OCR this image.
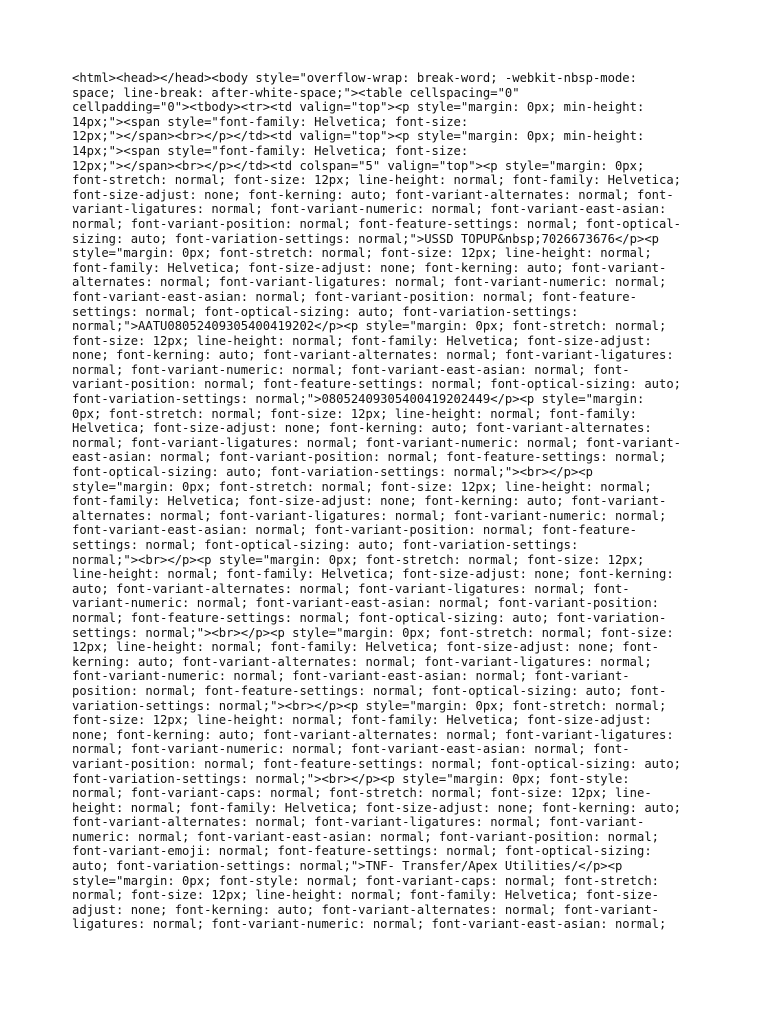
<html><head></head><body style="overflow-wrap: break-word; -webkit-nbsp-mode:
space; line-break: after-white-space;"><table cellspacing="0"
cellpadding="0"><tbody><tr><td valign="top"><p style="margin: 0px; min-height:
14px;"><span style="font-family: Helvetica; font-size:
12px;"></span><br></p></td><td valign="top"><p style="margin: 0px; min-height:
14px;"><span style="font-family: Helvetica; font-size:
12px;"></span><br></p></td><td colspan="5" valign="top"><p style="margin: 0px;
font-stretch: normal; font-size: 12px; line-height: normal; font-family: Helvetica;
font-size-adjust: none; font-kerning: auto; font-variant-alternates: normal; font-
variant-ligatures: normal; font-variant-numeric: normal; font-variant-east-asian:
normal; font-variant-position: normal; font-feature-settings: normal; font-optical-
sizing: auto; font-variation-settings: normal;">USSD TOPUP&nbsp;7026673676</p><p
style="margin: 0px; font-stretch: normal; font-size: 12px; line-height: normal;
font-family: Helvetica; font-size-adjust: none; font-kerning: auto; font-variant-
alternates: normal; font-variant-ligatures: normal; font-variant-numeric: normal;
font-variant-east-asian: normal; font-variant-position: normal; font-feature-
settings: normal; font-optical-sizing: auto; font-variation-settings:
normal;">AATU08052409305400419202</p><p style="margin: 0px; font-stretch: normal;
font-size: 12px; line-height: normal; font-family: Helvetica; font-size-adjust:
none; font-kerning: auto; font-variant-alternates: normal; font-variant-ligatures:
normal; font-variant-numeric: normal; font-variant-east-asian: normal; font-
variant-position: normal; font-feature-settings: normal; font-optical-sizing: auto;
font-variation-settings: normal;">08052409305400419202449</p><p style="margin:
0px; font-stretch: normal; font-size: 12px; line-height: normal; font-family:
Helvetica; font-size-adjust: none; font-kerning: auto; font-variant-alternates:
normal; font-variant-ligatures: normal; font-variant-numeric: normal; font-variant-
east-asian: normal; font-variant-position: normal; font-feature-settings: normal;
font-optical-sizing: auto; font-variation-settings: normal;"><br></p><p
style="margin: 0px; font-stretch: normal; font-size: 12px; line-height: normal;
font-family: Helvetica; font-size-adjust: none; font-kerning: auto; font-variant-
alternates: normal; font-variant-ligatures: normal; font-variant-numeric: normal;
font-variant-east-asian: normal; font-variant-position: normal; font-feature-
settings: normal; font-optical-sizing: auto; font-variation-settings:
normal;"><br></p><p style="margin: 0px; font-stretch: normal; font-size: 12px;
line-height: normal; font-family: Helvetica; font-size-adjust: none; font-kerning:
auto; font-variant-alternates: normal; font-variant-ligatures: normal; font-
variant-numeric: normal; font-variant-east-asian: normal; font-variant-position:
normal; font-feature-settings: normal; font-optical-sizing: auto; font-variation-
settings: normal;"><br></p><p style="margin: 0px; font-stretch: normal; font-size:
12px; line-height: normal; font-family: Helvetica; font-size-adjust: none; font-
kerning: auto; font-variant-alternates: normal; font-variant-ligatures: normal;
font-variant-numeric: normal; font-variant-east-asian: normal; font-variant-
position: normal; font-feature-settings: normal; font-optical-sizing: auto; font-
variation-settings: normal;"><br></p><p style="margin: 0px; font-stretch: normal;
font-size: 12px; line-height: normal; font-family: Helvetica; font-size-adjust:
none; font-kerning: auto; font-variant-alternates: normal; font-variant-ligatures:
normal; font-variant-numeric: normal; font-variant-east-asian: normal; font-
variant-position: normal; font-feature-settings: normal; font-optical-sizing: auto;
font-variation-settings: normal;"><br></p><p style="margin: 0px; font-style:
normal; font-variant-caps: normal; font-stretch: normal; font-size: 12px; line-
height: normal; font-family: Helvetica; font-size-adjust: none; font-kerning: auto;
font-variant-alternates: normal; font-variant-ligatures: normal; font-variant-
numeric: normal; font-variant-east-asian: normal; font-variant-position: normal;
font-variant-emoji: normal; font-feature-settings: normal; font-optical-sizing:
auto; font-variation-settings: normal;">TNF- Transfer/Apex Utilities/</p><p
style="margin: 0px; font-style: normal; font-variant-caps: normal; font-stretch:
normal; font-size: 12px; line-height: normal; font-family: Helvetica; font-size-
adjust: none; font-kerning: auto; font-variant-alternates: normal; font-variant-
ligatures: normal; font-variant-numeric: normal; font-variant-east-asian: normal;
